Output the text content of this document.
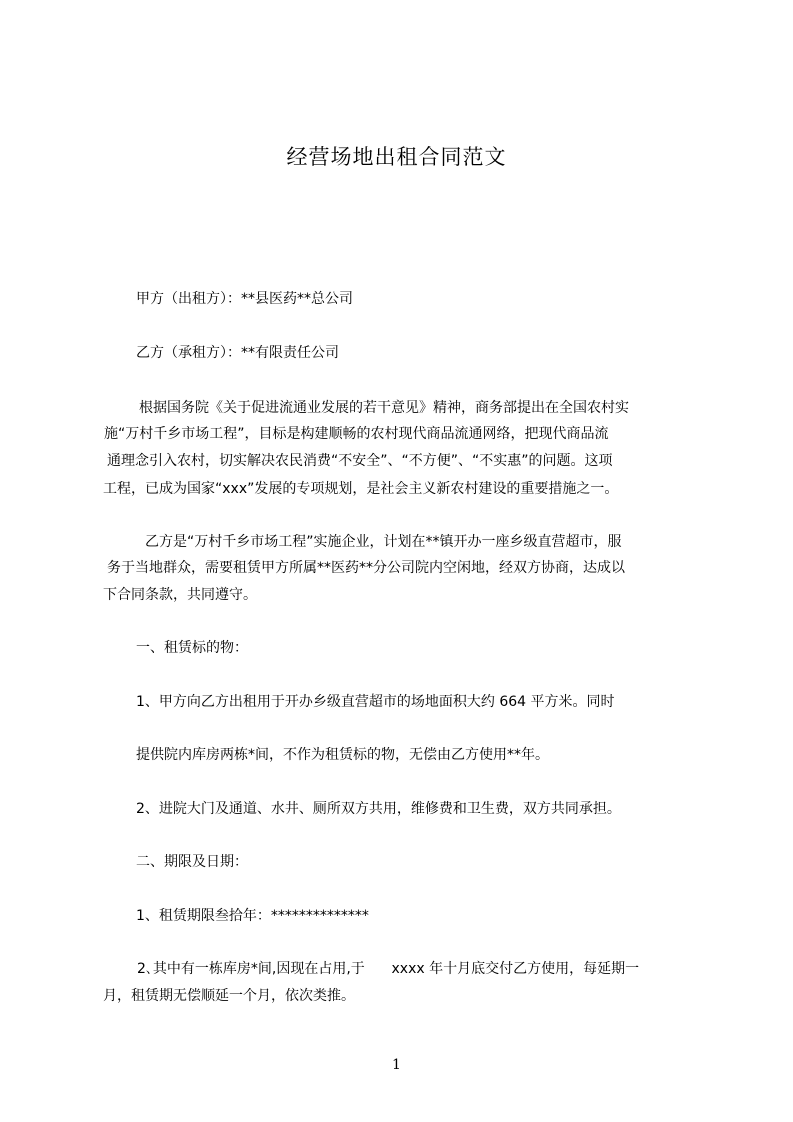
经营场地出租合同范文
甲方（出租方）：**县医药**总公司
乙方（承租方）：**有限责任公司
根据国务院《关于促进流通业发展的若干意见》精神，商务部提出在全国农村实
施“万村千乡市场工程”，目标是构建顺畅的农村现代商品流通网络，把现代商品流
通理念引入农村，切实解决农民消费“不安全”、“不方便”、“不实惠”的问题。这项
工程，已成为国家“xxx”发展的专项规划，是社会主义新农村建设的重要措施之一。
乙方是“万村千乡市场工程”实施企业，计划在**镇开办一座乡级直营超市，服
务于当地群众，需要租赁甲方所属**医药**分公司院内空闲地，经双方协商，达成以
下合同条款，共同遵守。
一、租赁标的物：
1、甲方向乙方出租用于开办乡级直营超市的场地面积大约 664 平方米。同时
提供院内库房两栋*间，不作为租赁标的物，无偿由乙方使用**年。
2、进院大门及通道、水井、厕所双方共用，维修费和卫生费，双方共同承担。
二、期限及日期：
1、租赁期限叁拾年：**************
2､其中有一栋库房*间,因现在占用,于      xxxx 年十月底交付乙方使用，每延期一
月，租赁期无偿顺延一个月，依次类推。
1
